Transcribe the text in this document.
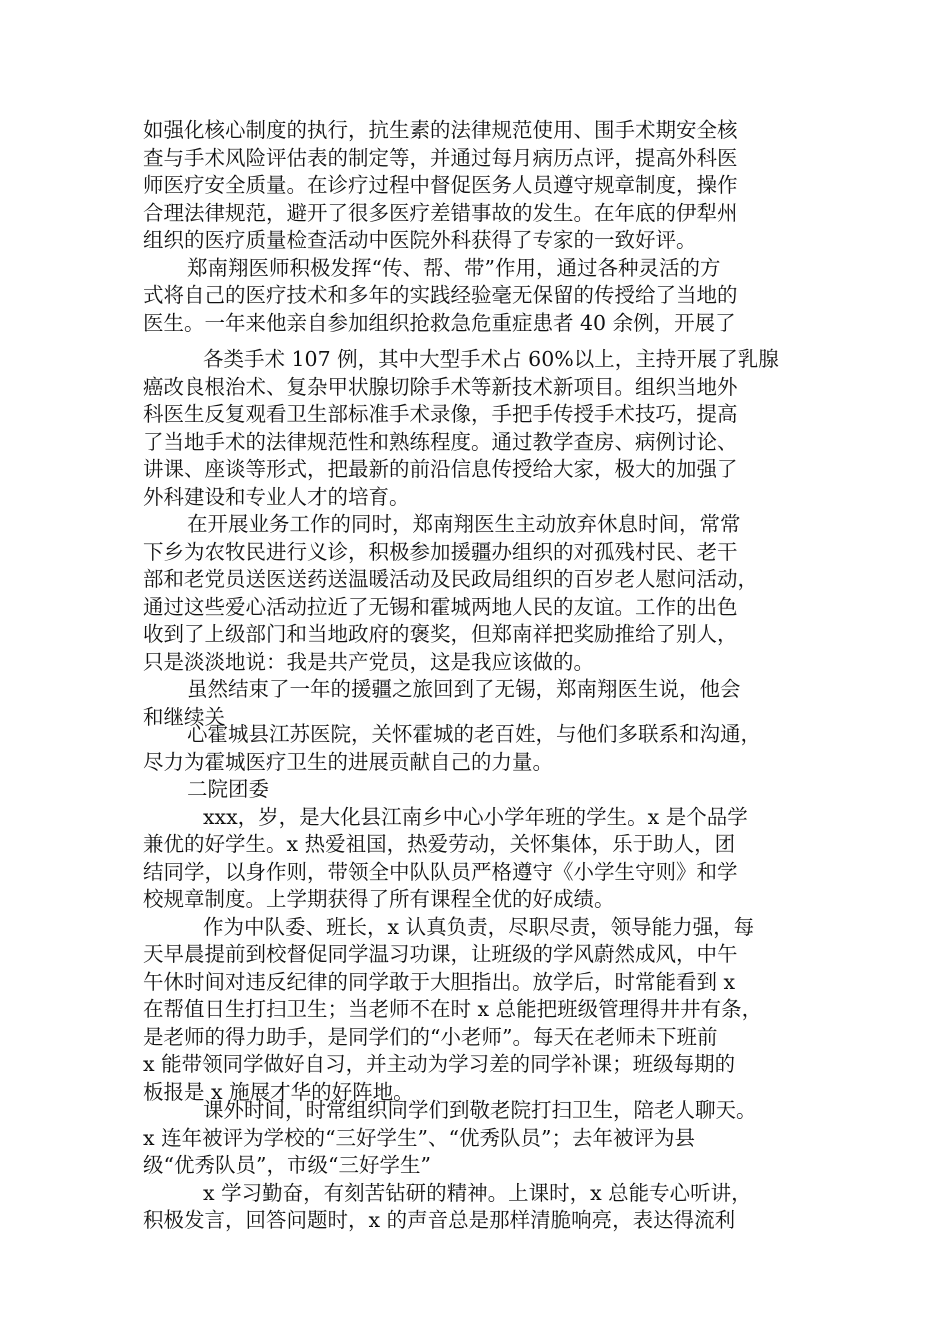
如强化核心制度的执行，抗生素的法律规范使用、围手术期安全核
查与手术风险评估表的制定等，并通过每月病历点评，提高外科医
师医疗安全质量。在诊疗过程中督促医务人员遵守规章制度，操作
合理法律规范，避开了很多医疗差错事故的发生。在年底的伊犁州
组织的医疗质量检查活动中医院外科获得了专家的一致好评。
郑南翔医师积极发挥“传、帮、带”作用，通过各种灵活的方
式将自己的医疗技术和多年的实践经验毫无保留的传授给了当地的
医生。一年来他亲自参加组织抢救急危重症患者 40 余例，开展了
各类手术 107 例，其中大型手术占 60%以上，主持开展了乳腺
癌改良根治术、复杂甲状腺切除手术等新技术新项目。组织当地外
科医生反复观看卫生部标准手术录像，手把手传授手术技巧，提高
了当地手术的法律规范性和熟练程度。通过教学查房、病例讨论、
讲课、座谈等形式，把最新的前沿信息传授给大家，极大的加强了
外科建设和专业人才的培育。
在开展业务工作的同时，郑南翔医生主动放弃休息时间，常常
下乡为农牧民进行义诊，积极参加援疆办组织的对孤残村民、老干
部和老党员送医送药送温暖活动及民政局组织的百岁老人慰问活动，
通过这些爱心活动拉近了无锡和霍城两地人民的友谊。工作的出色
收到了上级部门和当地政府的褒奖，但郑南祥把奖励推给了别人，
只是淡淡地说：我是共产党员，这是我应该做的。
虽然结束了一年的援疆之旅回到了无锡，郑南翔医生说，他会
和继续关
心霍城县江苏医院，关怀霍城的老百姓，与他们多联系和沟通，
尽力为霍城医疗卫生的进展贡献自己的力量。
二院团委
xxx，岁，是大化县江南乡中心小学年班的学生。x 是个品学
兼优的好学生。x 热爱祖国，热爱劳动，关怀集体，乐于助人，团
结同学，以身作则，带领全中队队员严格遵守《小学生守则》和学
校规章制度。上学期获得了所有课程全优的好成绩。
作为中队委、班长，x 认真负责，尽职尽责，领导能力强，每
天早晨提前到校督促同学温习功课，让班级的学风蔚然成风，中午
午休时间对违反纪律的同学敢于大胆指出。放学后，时常能看到 x
在帮值日生打扫卫生；当老师不在时 x 总能把班级管理得井井有条，
是老师的得力助手，是同学们的“小老师”。每天在老师未下班前
x 能带领同学做好自习，并主动为学习差的同学补课；班级每期的
板报是 x 施展才华的好阵地。
课外时间，时常组织同学们到敬老院打扫卫生，陪老人聊天。
x 连年被评为学校的“三好学生”、“优秀队员”；去年被评为县
级“优秀队员”，市级“三好学生”
x 学习勤奋，有刻苦钻研的精神。上课时，x 总能专心听讲，
积极发言，回答问题时，x 的声音总是那样清脆响亮，表达得流利
